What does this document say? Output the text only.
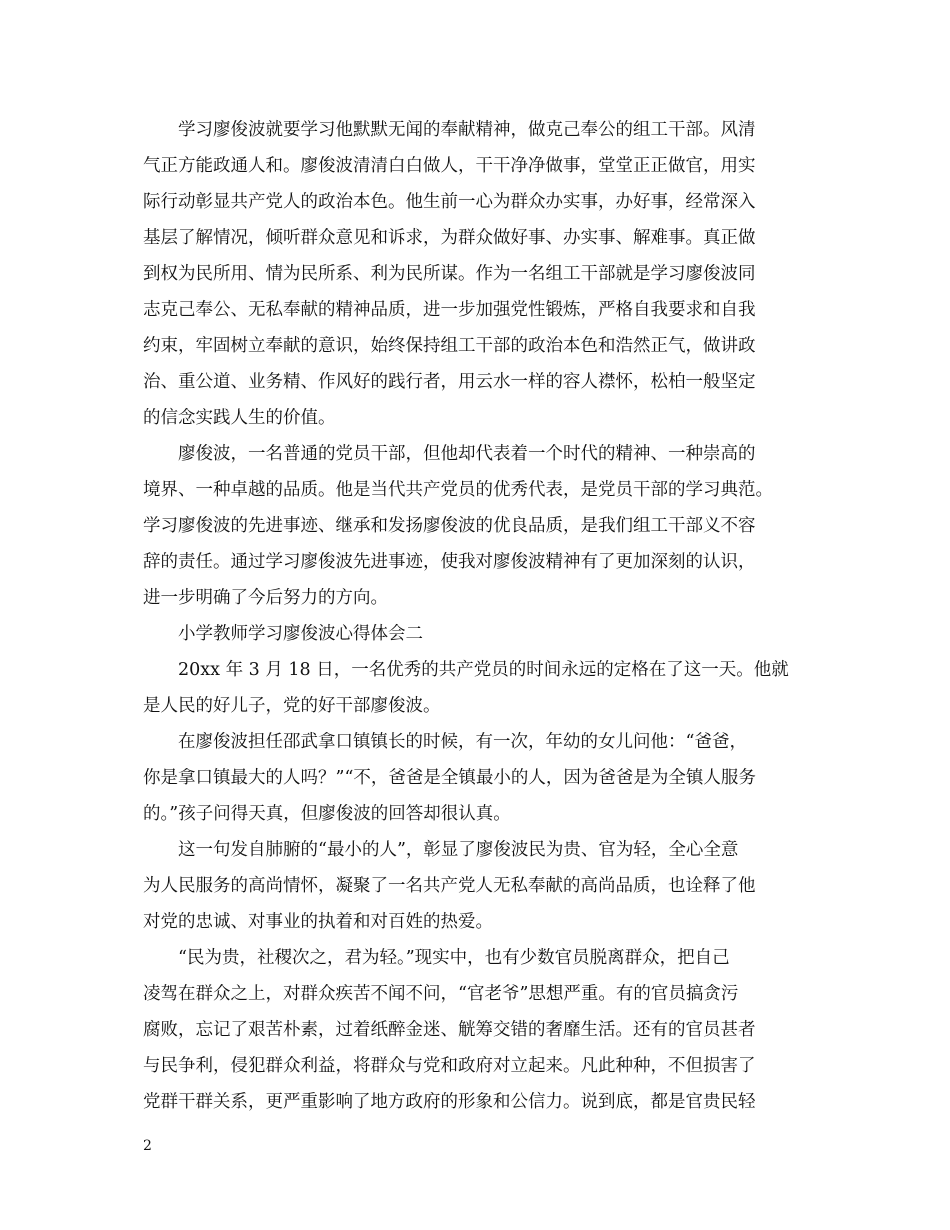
学习廖俊波就要学习他默默无闻的奉献精神，做克己奉公的组工干部。风清
气正方能政通人和。廖俊波清清白白做人，干干净净做事，堂堂正正做官，用实
际行动彰显共产党人的政治本色。他生前一心为群众办实事，办好事，经常深入
基层了解情况，倾听群众意见和诉求，为群众做好事、办实事、解难事。真正做
到权为民所用、情为民所系、利为民所谋。作为一名组工干部就是学习廖俊波同
志克己奉公、无私奉献的精神品质，进一步加强党性锻炼，严格自我要求和自我
约束，牢固树立奉献的意识，始终保持组工干部的政治本色和浩然正气，做讲政
治、重公道、业务精、作风好的践行者，用云水一样的容人襟怀，松柏一般坚定
的信念实践人生的价值。
廖俊波，一名普通的党员干部，但他却代表着一个时代的精神、一种崇高的
境界、一种卓越的品质。他是当代共产党员的优秀代表，是党员干部的学习典范。
学习廖俊波的先进事迹、继承和发扬廖俊波的优良品质，是我们组工干部义不容
辞的责任。通过学习廖俊波先进事迹，使我对廖俊波精神有了更加深刻的认识，
进一步明确了今后努力的方向。
小学教师学习廖俊波心得体会二
20xx 年 3 月 18 日，一名优秀的共产党员的时间永远的定格在了这一天。他就
是人民的好儿子，党的好干部廖俊波。
在廖俊波担任邵武拿口镇镇长的时候，有一次，年幼的女儿问他：“爸爸，
你是拿口镇最大的人吗？”“不，爸爸是全镇最小的人，因为爸爸是为全镇人服务
的。”孩子问得天真，但廖俊波的回答却很认真。
这一句发自肺腑的“最小的人”，彰显了廖俊波民为贵、官为轻，全心全意
为人民服务的高尚情怀，凝聚了一名共产党人无私奉献的高尚品质，也诠释了他
对党的忠诚、对事业的执着和对百姓的热爱。
“民为贵，社稷次之，君为轻。”现实中，也有少数官员脱离群众，把自己
凌驾在群众之上，对群众疾苦不闻不问，“官老爷”思想严重。有的官员搞贪污
腐败，忘记了艰苦朴素，过着纸醉金迷、觥筹交错的奢靡生活。还有的官员甚者
与民争利，侵犯群众利益，将群众与党和政府对立起来。凡此种种，不但损害了
党群干群关系，更严重影响了地方政府的形象和公信力。说到底，都是官贵民轻
2
